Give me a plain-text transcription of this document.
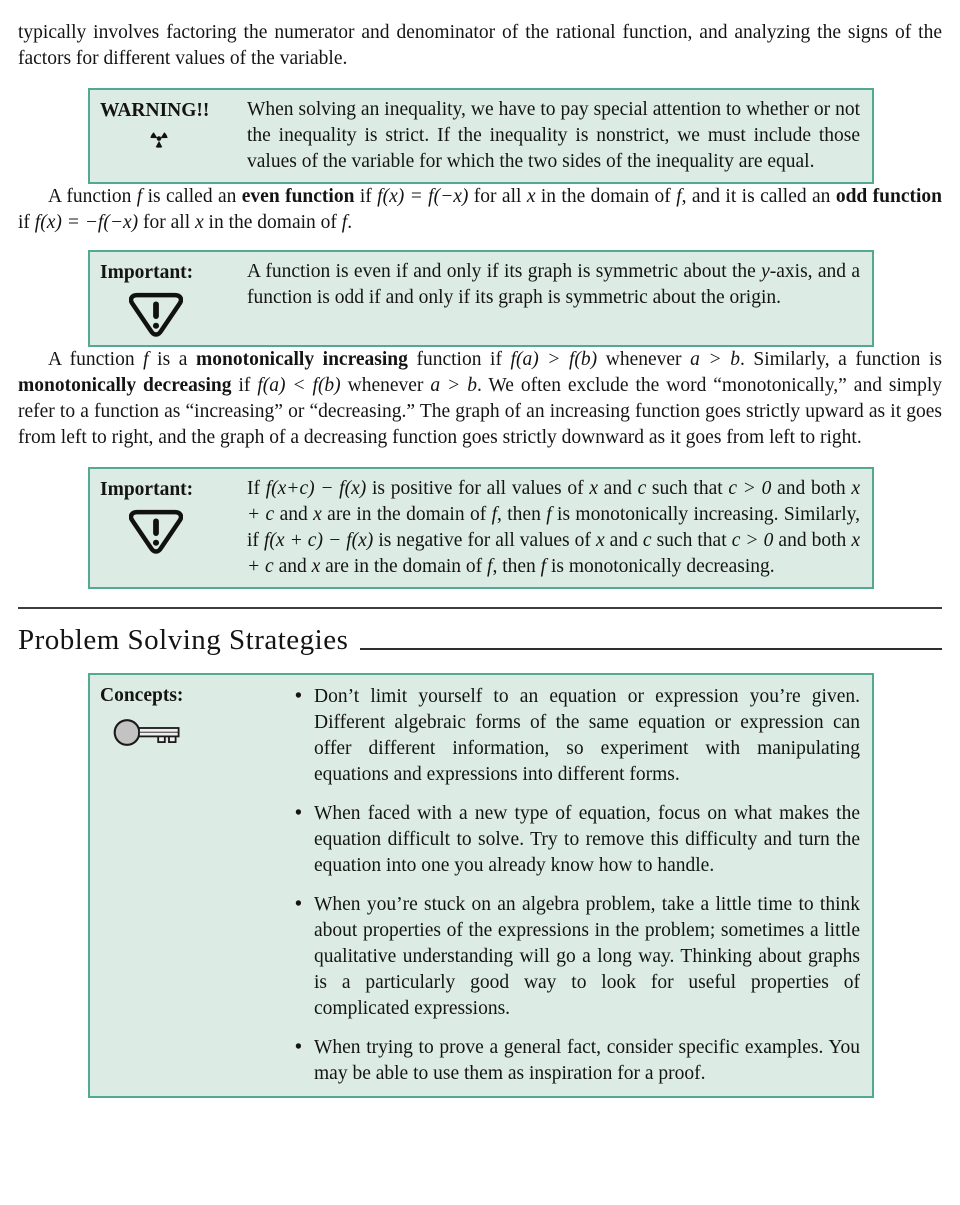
typically involves factoring the numerator and denominator of the rational function, and analyzing the signs of the factors for different values of the variable.

WARNING!!	When solving an inequality, we have to pay special attention to whether or not the inequality is strict. If the inequality is nonstrict, we must include those values of the variable for which the two sides of the inequality are equal.

A function f is called an even function if f(x) = f(−x) for all x in the domain of f, and it is called an odd function if f(x) = −f(−x) for all x in the domain of f.

Important:	A function is even if and only if its graph is symmetric about the y-axis, and a function is odd if and only if its graph is symmetric about the origin.

A function f is a monotonically increasing function if f(a) > f(b) whenever a > b. Similarly, a function is monotonically decreasing if f(a) < f(b) whenever a > b. We often exclude the word “monotonically,” and simply refer to a function as “increasing” or “decreasing.” The graph of an increasing function goes strictly upward as it goes from left to right, and the graph of a decreasing function goes strictly downward as it goes from left to right.

Important:	If f(x+c) − f(x) is positive for all values of x and c such that c > 0 and both x + c and x are in the domain of f, then f is monotonically increasing. Similarly, if f(x + c) − f(x) is negative for all values of x and c such that c > 0 and both x + c and x are in the domain of f, then f is monotonically decreasing.
Problem Solving Strategies
Concepts:	• Don’t limit yourself to an equation or expression you’re given. Different algebraic forms of the same equation or expression can offer different information, so experiment with manipulating equations and expressions into different forms.
• When faced with a new type of equation, focus on what makes the equation difficult to solve. Try to remove this difficulty and turn the equation into one you already know how to handle.
• When you’re stuck on an algebra problem, take a little time to think about properties of the expressions in the problem; sometimes a little qualitative understanding will go a long way. Thinking about graphs is a particularly good way to look for useful properties of complicated expressions.
• When trying to prove a general fact, consider specific examples. You may be able to use them as inspiration for a proof.
